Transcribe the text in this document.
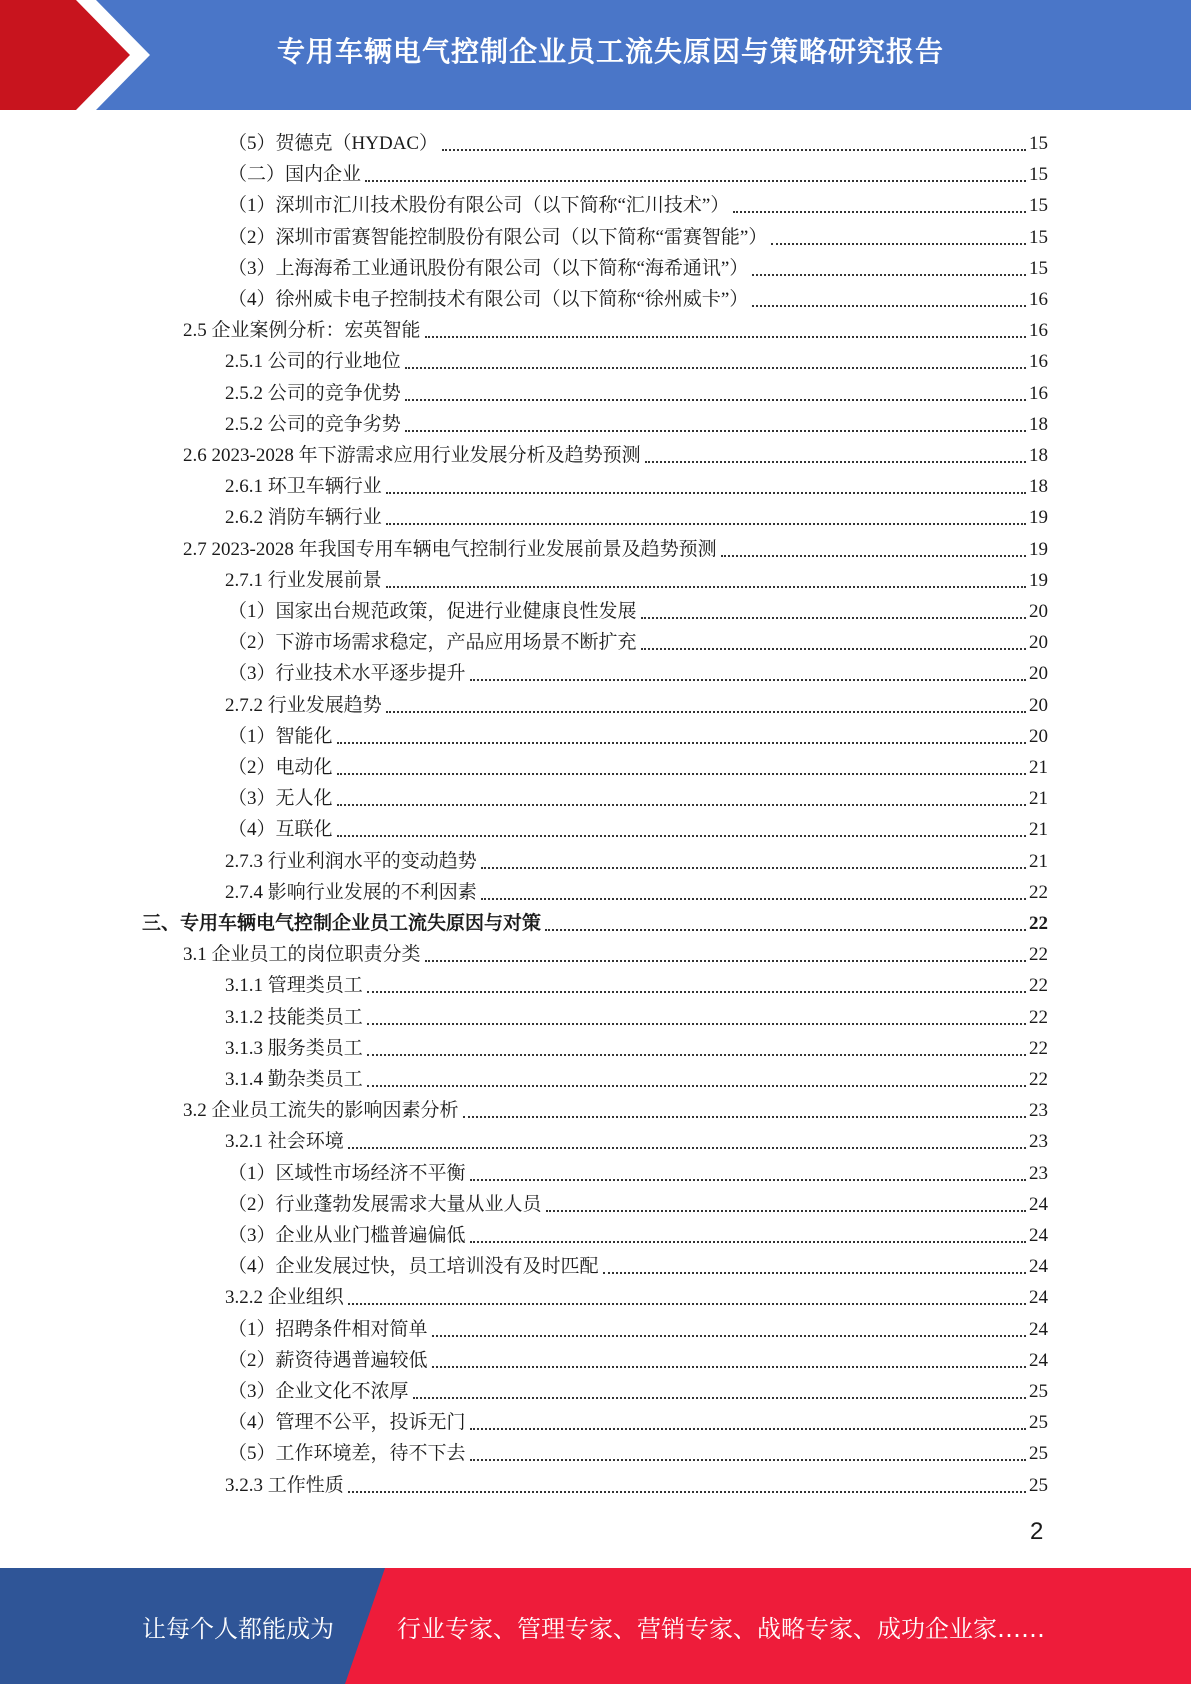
专用车辆电气控制企业员工流失原因与策略研究报告
（5）贺德克（HYDAC）	15
（二）国内企业	15
（1）深圳市汇川技术股份有限公司（以下简称“汇川技术”）	15
（2）深圳市雷赛智能控制股份有限公司（以下简称“雷赛智能”）	15
（3）上海海希工业通讯股份有限公司（以下简称“海希通讯”）	15
（4）徐州威卡电子控制技术有限公司（以下简称“徐州威卡”）	16
2.5 企业案例分析：宏英智能	16
2.5.1 公司的行业地位	16
2.5.2 公司的竞争优势	16
2.5.2 公司的竞争劣势	18
2.6 2023-2028 年下游需求应用行业发展分析及趋势预测	18
2.6.1 环卫车辆行业	18
2.6.2 消防车辆行业	19
2.7 2023-2028 年我国专用车辆电气控制行业发展前景及趋势预测	19
2.7.1 行业发展前景	19
（1）国家出台规范政策，促进行业健康良性发展	20
（2）下游市场需求稳定，产品应用场景不断扩充	20
（3）行业技术水平逐步提升	20
2.7.2 行业发展趋势	20
（1）智能化	20
（2）电动化	21
（3）无人化	21
（4）互联化	21
2.7.3 行业利润水平的变动趋势	21
2.7.4 影响行业发展的不利因素	22
三、专用车辆电气控制企业员工流失原因与对策	22
3.1 企业员工的岗位职责分类	22
3.1.1 管理类员工	22
3.1.2 技能类员工	22
3.1.3 服务类员工	22
3.1.4 勤杂类员工	22
3.2 企业员工流失的影响因素分析	23
3.2.1 社会环境	23
（1）区域性市场经济不平衡	23
（2）行业蓬勃发展需求大量从业人员	24
（3）企业从业门槛普遍偏低	24
（4）企业发展过快，员工培训没有及时匹配	24
3.2.2 企业组织	24
（1）招聘条件相对简单	24
（2）薪资待遇普遍较低	24
（3）企业文化不浓厚	25
（4）管理不公平，投诉无门	25
（5）工作环境差，待不下去	25
3.2.3 工作性质	25
2
让每个人都能成为	行业专家、管理专家、营销专家、战略专家、成功企业家……
